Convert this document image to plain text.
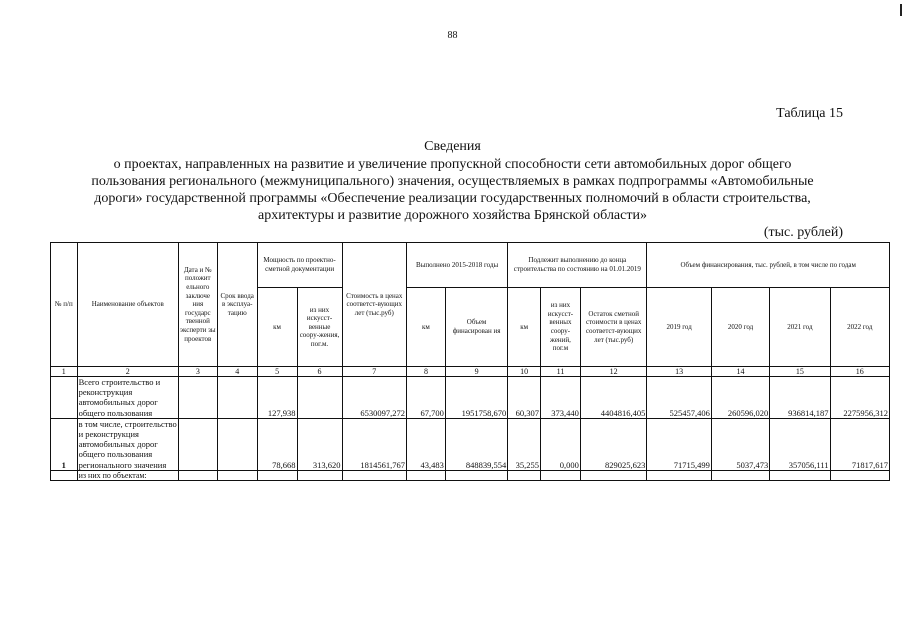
88
Таблица 15
Сведения
о проектах, направленных на развитие и увеличение пропускной способности сети автомобильных дорог общего
пользования регионального (межмуниципального) значения, осуществляемых в рамках подпрограммы «Автомобильные
дороги» государственной программы «Обеспечение реализации государственных полномочий в области строительства,
архитектуры и развитие дорожного хозяйства Брянской области»
(тыс. рублей)
№ п/п	Наименование объектов	Дата и № положит ельного заключе ния государс твенной эксперти зы проектов	Срок ввода в эксплуа-тацию	Мощность по проектно-сметной документации		Стоимость в ценах соответст-вующих лет (тыс.руб)	Выполнено 2015-2018 годы		Подлежит выполнению до конца строительства по состоянию на 01.01.2019			Объем финансирования, тыс. рублей, в том числе по годам			
				км	из них искусст-венные соору-жения, пог.м.		км	Объем финасирован ия	км	из них искусст-венных соору-жений, пог.м	Остаток сметной стоимости в ценах соответст-вующих лет (тыс.руб)	2019 год	2020 год	2021 год	2022 год
1	2	3	4	5	6	7	8	9	10	11	12	13	14	15	16
	Всего строительство и реконструкция автомобильных дорог общего пользования			127,938		6530097,272	67,700	1951758,670	60,307	373,440	4404816,405	525457,406	260596,020	936814,187	2275956,312
1	в том числе, строительство и реконструкция автомобильных дорог общего пользования регионального значения			78,668	313,620	1814561,767	43,483	848839,554	35,255	0,000	829025,623	71715,499	5037,473	357056,111	71817,617
	из них по объектам:														
